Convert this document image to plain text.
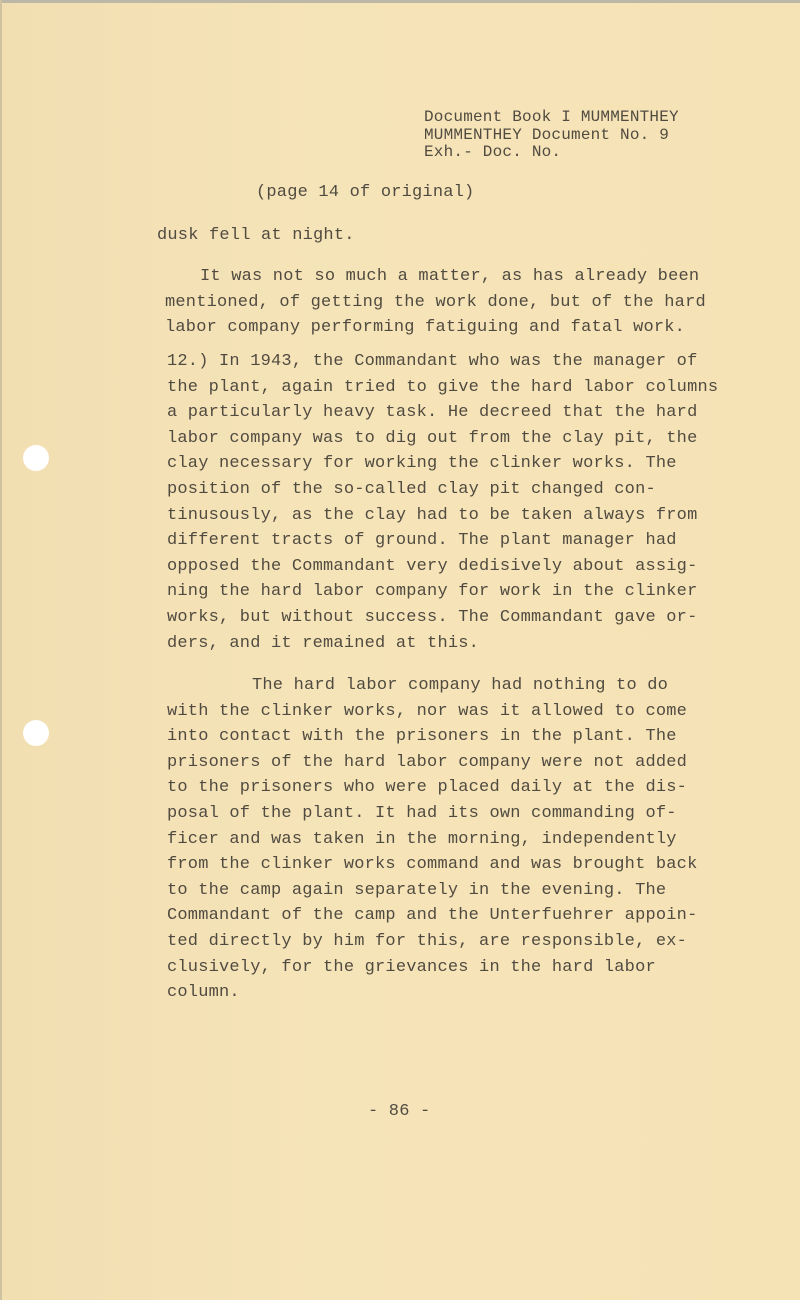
Document Book I MUMMENTHEY
MUMMENTHEY Document No. 9
Exh.- Doc. No.
(page 14 of original)
dusk fell at night.
It was not so much a matter, as has already been
mentioned, of getting the work done, but of the hard
labor company performing fatiguing and fatal work.
12.) In 1943, the Commandant who was the manager of
the plant, again tried to give the hard labor columns
a particularly heavy task. He decreed that the hard
labor company was to dig out from the clay pit, the
clay necessary for working the clinker works. The
position of the so-called clay pit changed con-
tinusously, as the clay had to be taken always from
different tracts of ground. The plant manager had
opposed the Commandant very dedisively about assig-
ning the hard labor company for work in the clinker
works, but without success. The Commandant gave or-
ders, and it remained at this.
The hard labor company had nothing to do
with the clinker works, nor was it allowed to come
into contact with the prisoners in the plant. The
prisoners of the hard labor company were not added
to the prisoners who were placed daily at the dis-
posal of the plant. It had its own commanding of-
ficer and was taken in the morning, independently
from the clinker works command and was brought back
to the camp again separately in the evening. The
Commandant of the camp and the Unterfuehrer appoin-
ted directly by him for this, are responsible, ex-
clusively, for the grievances in the hard labor
column.
- 86 -
